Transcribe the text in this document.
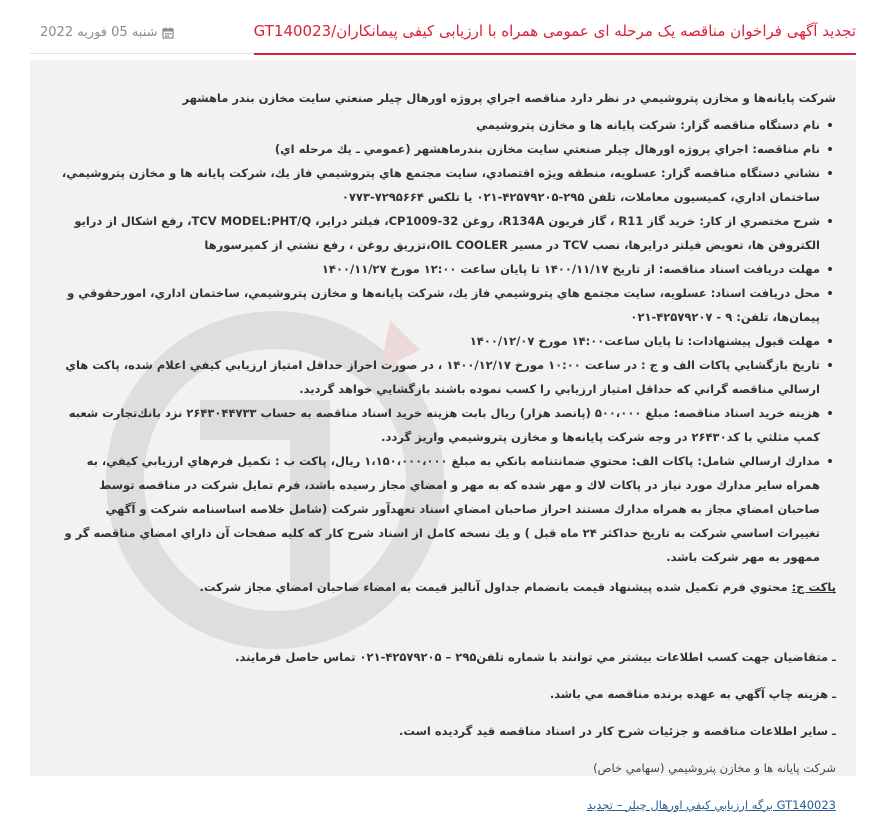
تجدید آگهی فراخوان مناقصه یک مرحله ای عمومی همراه با ارزیابی کیفی پیمانکاران/GT140023
شنبه 05 فوریه 2022

شركت پايانه‌ها و مخازن پتروشيمي در نظر دارد مناقصه اجراي پروژه اورهال چيلر صنعتي سايت مخازن بندر ماهشهر

نام دستگاه مناقصه گزار: شركت پايانه ها و مخازن پتروشيمي
نام مناقصه: اجراي پروژه اورهال چيلر صنعتي سايت مخازن بندرماهشهر (عمومي ـ يك مرحله اي)
نشاني دستگاه مناقصه گزار: عسلويه، منطقه ويژه اقتصادي، سايت مجتمع هاي پتروشيمي فاز يك، شركت پايانه ها و مخازن پتروشيمي، ساختمان اداري، كميسيون معاملات، تلفن ۲۹۵-۴۲۵۷۹۲۰۵-۰۲۱ يا تلكس ۷۲۹۵۶۶۴-۰۷۷۳
شرح مختصري از كار: خريد گاز R11 ، گاز فريون R134A، روغن CP1009-32، فيلتر دراير، TCV MODEL:PHT/Q، رفع اشكال از درايو الكتروفن ها، تعويض فيلتر دراير‌ها، نصب TCV در مسير OIL COOLER،تزريق روغن ، رفع نشتي از كمپرسورها
مهلت دريافت اسناد مناقصه: از تاريخ ۱۴۰۰/۱۱/۱۷ تا پايان ساعت ۱۲:۰۰ مورخ ۱۴۰۰/۱۱/۲۷
محل دريافت اسناد: عسلويه، سايت مجتمع هاي پتروشيمي فاز يك، شركت پايانه‌ها و مخازن پتروشيمي، ساختمان اداري، امورحقوقي و پيمان‌ها، تلفن: ۹ - ۴۲۵۷۹۲۰۷-۰۲۱
مهلت قبول پيشنهادات: تا پايان ساعت۱۴:۰۰ مورخ ۱۴۰۰/۱۲/۰۷
تاريخ بازگشايي پاكات الف و ج : در ساعت ۱۰:۰۰ مورخ ۱۴۰۰/۱۲/۱۷ ، در صورت احراز حداقل امتياز ارزيابي كيفي اعلام شده، پاكت هاي ارسالي مناقصه گراني كه حداقل امتياز ارزيابي را كسب نموده باشند بازگشايي خواهد گرديد.
هزينه خريد اسناد مناقصه: مبلغ ۵۰۰،۰۰۰ (پانصد هزار) ريال بابت هزينه خريد اسناد مناقصه به حساب ۲۶۴۳۰۴۴۷۳۳ نزد بانك‌تجارت شعبه كمپ مثلثي با كد۲۶۴۳۰ در وجه شركت پايانه‌ها و مخازن پتروشيمي واريز گردد.
مدارك ارسالي شامل: پاكات الف: محتوي ضمانتنامه بانكي به مبلغ ۱،۱۵۰،۰۰۰،۰۰۰ ريال، پاكت ب : تكميل فرم‌هاي ارزيابي كيفي، به همراه ساير مدارك مورد نياز در پاكات لاك و مهر شده كه به مهر و امضاي مجاز رسيده باشد، فرم تمايل شركت در مناقصه توسط صاحبان امضاي مجاز به همراه مدارك مستند احراز صاحبان امضاي اسناد تعهدآور شركت (شامل خلاصه اساسنامه شركت و آگهي تغييرات اساسي شركت به تاريخ حداكثر ۲۴ ماه قبل ) و يك نسخه كامل از اسناد شرح كار كه كليه صفحات آن داراي امضاي مناقصه گر و ممهور به مهر شركت باشد.

پاكت ج: محتوي فرم تكميل شده پيشنهاد قيمت بانضمام جداول آناليز قيمت به امضاء صاحبان امضاي مجاز شركت.

ـ متقاضيان جهت كسب اطلاعات بيشتر مي توانند با شماره تلفن۲۹۵ – ۴۲۵۷۹۲۰۵-۰۲۱ تماس حاصل فرمايند.

ـ هزينه چاپ آگهي به عهده برنده مناقصه مي باشد.

ـ ساير اطلاعات مناقصه و جزئيات شرح كار در اسناد مناقصه قيد گرديده است.

شركت پايانه ها و مخازن پتروشيمي (سهامي خاص)

GT140023 برگه ارزيابي كيفي اورهال چيلر – تجديد
